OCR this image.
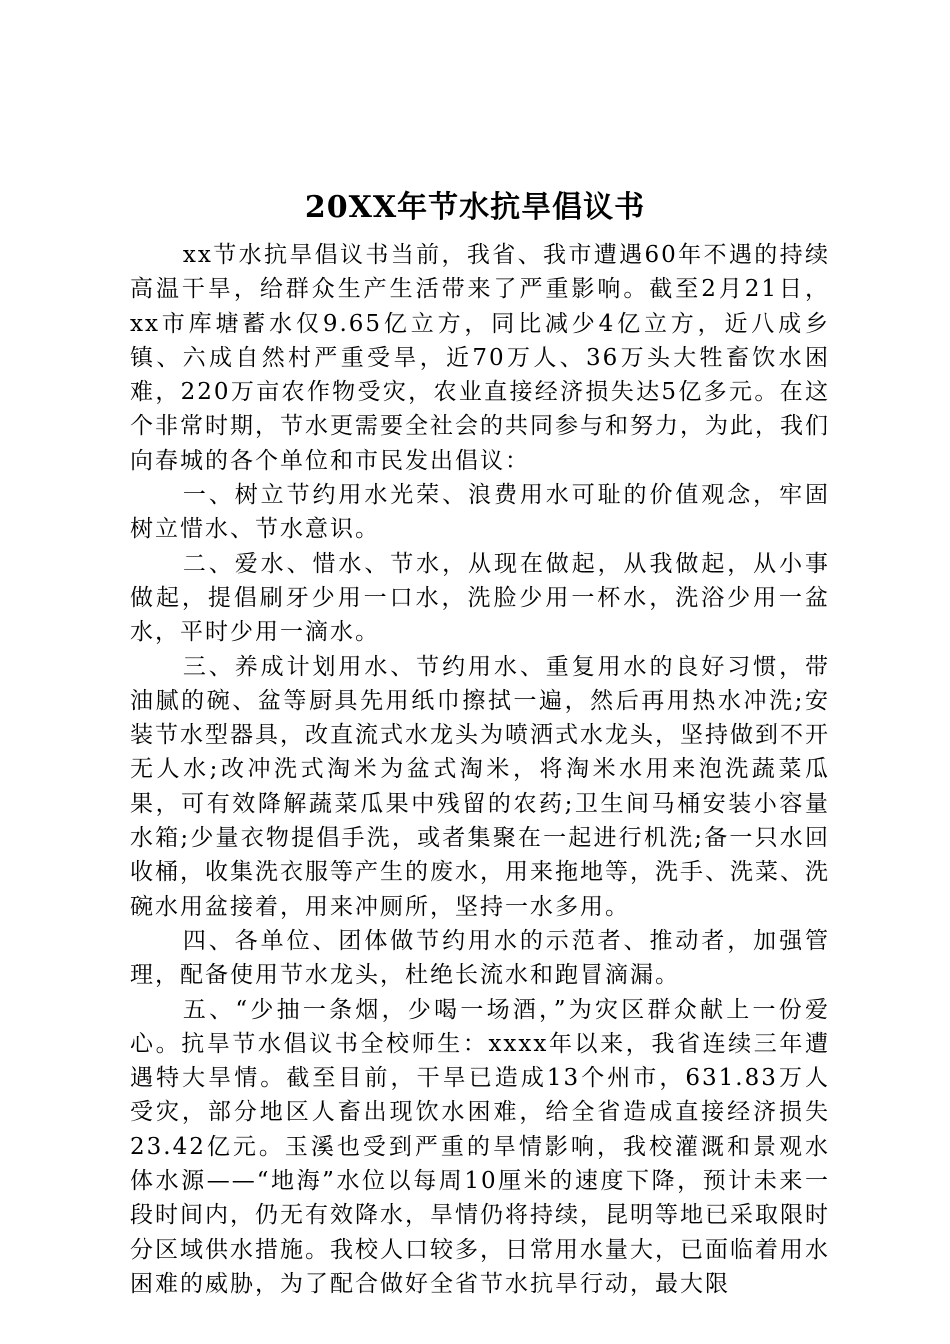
20XX年节水抗旱倡议书

xx节水抗旱倡议书当前，我省、我市遭遇60年不遇的持续高温干旱，给群众生产生活带来了严重影响。截至2月21日，xx市库塘蓄水仅9.65亿立方，同比减少4亿立方，近八成乡镇、六成自然村严重受旱，近70万人、36万头大牲畜饮水困难，220万亩农作物受灾，农业直接经济损失达5亿多元。在这个非常时期，节水更需要全社会的共同参与和努力，为此，我们向春城的各个单位和市民发出倡议：

一、树立节约用水光荣、浪费用水可耻的价值观念，牢固树立惜水、节水意识。

二、爱水、惜水、节水，从现在做起，从我做起，从小事做起，提倡刷牙少用一口水，洗脸少用一杯水，洗浴少用一盆水，平时少用一滴水。

三、养成计划用水、节约用水、重复用水的良好习惯，带油腻的碗、盆等厨具先用纸巾擦拭一遍，然后再用热水冲洗;安装节水型器具，改直流式水龙头为喷洒式水龙头，坚持做到不开无人水;改冲洗式淘米为盆式淘米，将淘米水用来泡洗蔬菜瓜果，可有效降解蔬菜瓜果中残留的农药;卫生间马桶安装小容量水箱;少量衣物提倡手洗，或者集聚在一起进行机洗;备一只水回收桶，收集洗衣服等产生的废水，用来拖地等，洗手、洗菜、洗碗水用盆接着，用来冲厕所，坚持一水多用。

四、各单位、团体做节约用水的示范者、推动者，加强管理，配备使用节水龙头，杜绝长流水和跑冒滴漏。

五、“少抽一条烟，少喝一场酒，”为灾区群众献上一份爱心。抗旱节水倡议书全校师生：xxxx年以来，我省连续三年遭遇特大旱情。截至目前，干旱已造成13个州市，631.83万人受灾，部分地区人畜出现饮水困难，给全省造成直接经济损失23.42亿元。玉溪也受到严重的旱情影响，我校灌溉和景观水体水源——“地海”水位以每周10厘米的速度下降，预计未来一段时间内，仍无有效降水，旱情仍将持续，昆明等地已采取限时分区域供水措施。我校人口较多，日常用水量大，已面临着用水困难的威胁，为了配合做好全省节水抗旱行动，最大限
